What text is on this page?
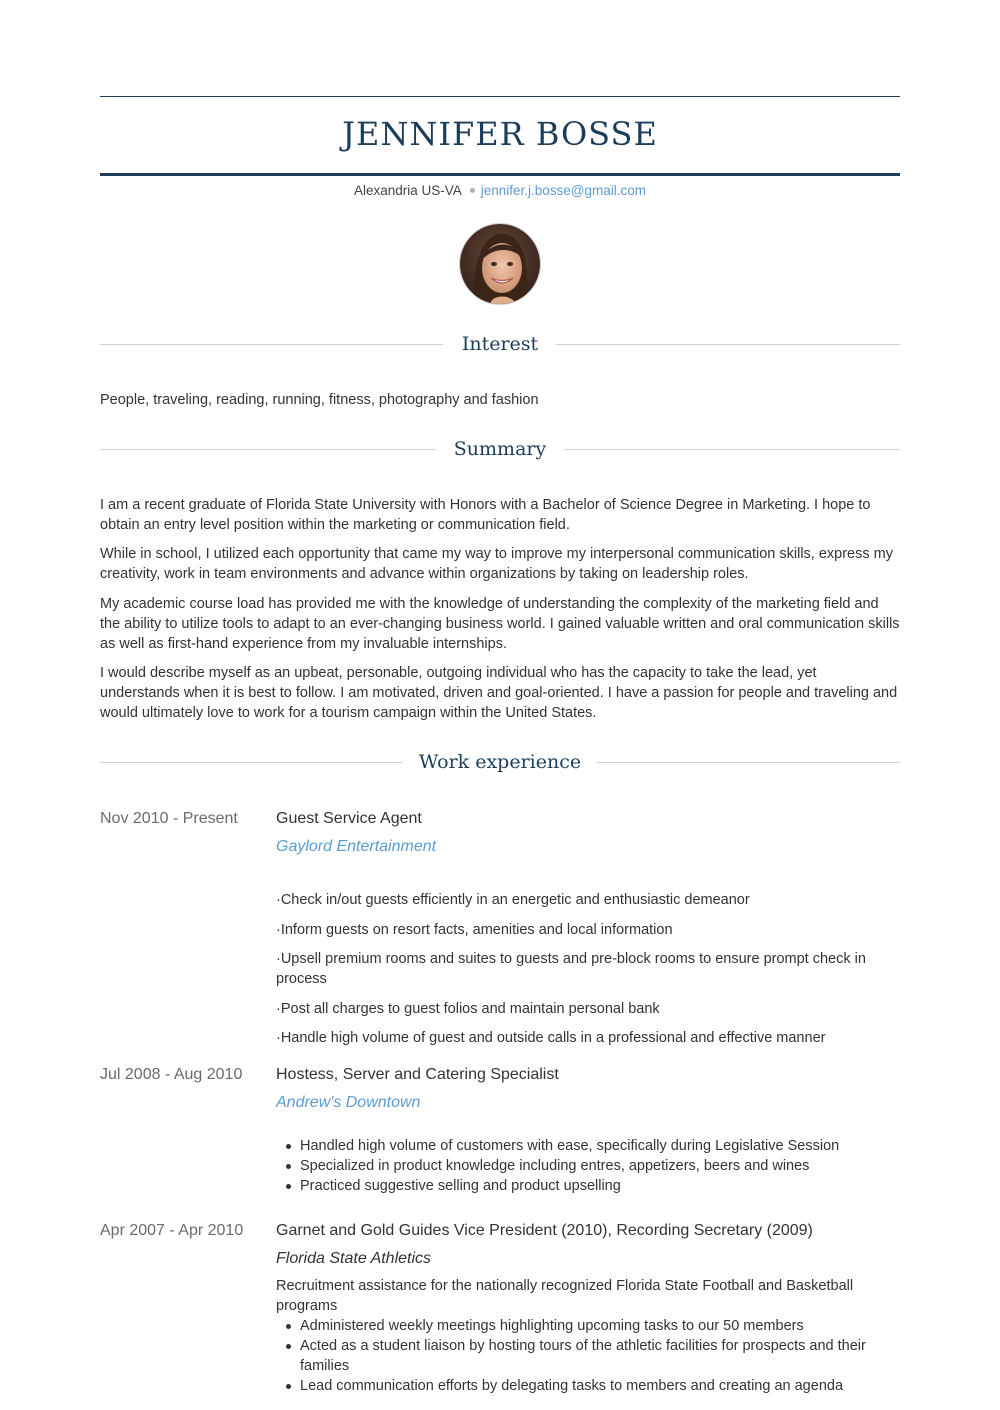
JENNIFER BOSSE
Alexandria US-VA jennifer.j.bosse@gmail.com
Interest

People, traveling, reading, running, fitness, photography and fashion

Summary

I am a recent graduate of Florida State University with Honors with a Bachelor of Science Degree in Marketing. I hope to obtain an entry level position within the marketing or communication field.

While in school, I utilized each opportunity that came my way to improve my interpersonal communication skills, express my creativity, work in team environments and advance within organizations by taking on leadership roles.

My academic course load has provided me with the knowledge of understanding the complexity of the marketing field and the ability to utilize tools to adapt to an ever-changing business world. I gained valuable written and oral communication skills as well as first-hand experience from my invaluable internships.

I would describe myself as an upbeat, personable, outgoing individual who has the capacity to take the lead, yet understands when it is best to follow. I am motivated, driven and goal-oriented. I have a passion for people and traveling and would ultimately love to work for a tourism campaign within the United States.

Work experience
Nov 2010 - Present Guest Service Agent
Gaylord Entertainment

·Check in/out guests efficiently in an energetic and enthusiastic demeanor

·Inform guests on resort facts, amenities and local information

·Upsell premium rooms and suites to guests and pre-block rooms to ensure prompt check in process

·Post all charges to guest folios and maintain personal bank

·Handle high volume of guest and outside calls in a professional and effective manner

Jul 2008 - Aug 2010 Hostess, Server and Catering Specialist
Andrew's Downtown
Handled high volume of customers with ease, specifically during Legislative Session
Specialized in product knowledge including entres, appetizers, beers and wines
Practiced suggestive selling and product upselling
Apr 2007 - Apr 2010 Garnet and Gold Guides Vice President (2010), Recording Secretary (2009)
Florida State Athletics

Recruitment assistance for the nationally recognized Florida State Football and Basketball programs

Administered weekly meetings highlighting upcoming tasks to our 50 members
Acted as a student liaison by hosting tours of the athletic facilities for prospects and their families
Lead communication efforts by delegating tasks to members and creating an agenda
